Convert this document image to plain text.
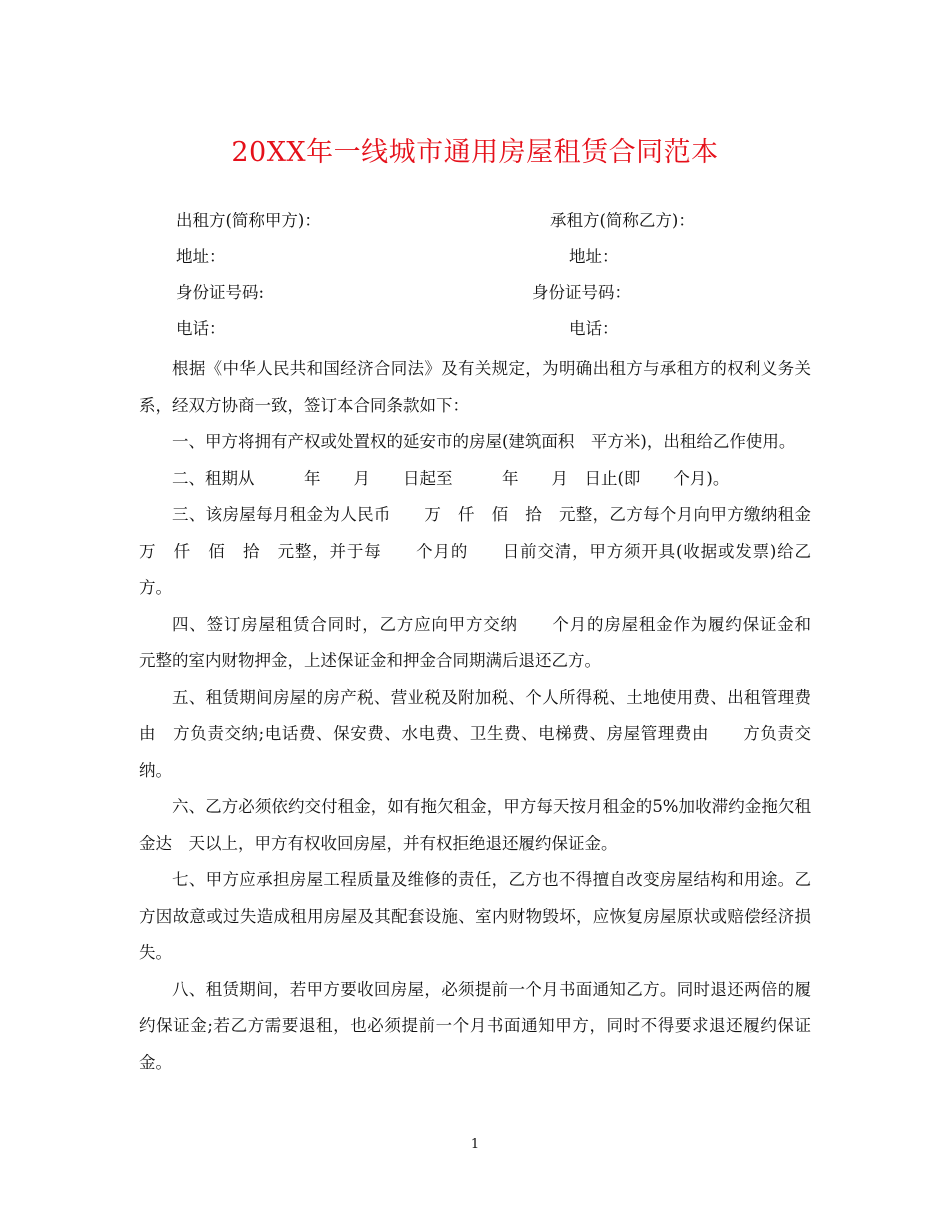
20XX年一线城市通用房屋租赁合同范本
出租方(简称甲方)：	承租方(简称乙方)：
地址：	地址：
身份证号码:	身份证号码：
电话：	电话：

根据《中华人民共和国经济合同法》及有关规定，为明确出租方与承租方的权利义务关系，经双方协商一致，签订本合同条款如下：

一、甲方将拥有产权或处置权的延安市的房屋(建筑面积　平方米)，出租给乙作使用。

二、租期从　　　年　　月　　日起至　　　年　　月　日止(即　　个月)。

三、该房屋每月租金为人民币　　万　仟　佰　拾　元整，乙方每个月向甲方缴纳租金　万　仟　佰　拾　元整，并于每　　个月的　　日前交清，甲方须开具(收据或发票)给乙方。

四、签订房屋租赁合同时，乙方应向甲方交纳　　个月的房屋租金作为履约保证金和　元整的室内财物押金，上述保证金和押金合同期满后退还乙方。

五、租赁期间房屋的房产税、营业税及附加税、个人所得税、土地使用费、出租管理费由　方负责交纳;电话费、保安费、水电费、卫生费、电梯费、房屋管理费由　　方负责交纳。

六、乙方必须依约交付租金，如有拖欠租金，甲方每天按月租金的5%加收滞约金拖欠租金达　天以上，甲方有权收回房屋，并有权拒绝退还履约保证金。

七、甲方应承担房屋工程质量及维修的责任，乙方也不得擅自改变房屋结构和用途。乙方因故意或过失造成租用房屋及其配套设施、室内财物毁坏，应恢复房屋原状或赔偿经济损失。

八、租赁期间，若甲方要收回房屋，必须提前一个月书面通知乙方。同时退还两倍的履约保证金;若乙方需要退租，也必须提前一个月书面通知甲方，同时不得要求退还履约保证金。

1
